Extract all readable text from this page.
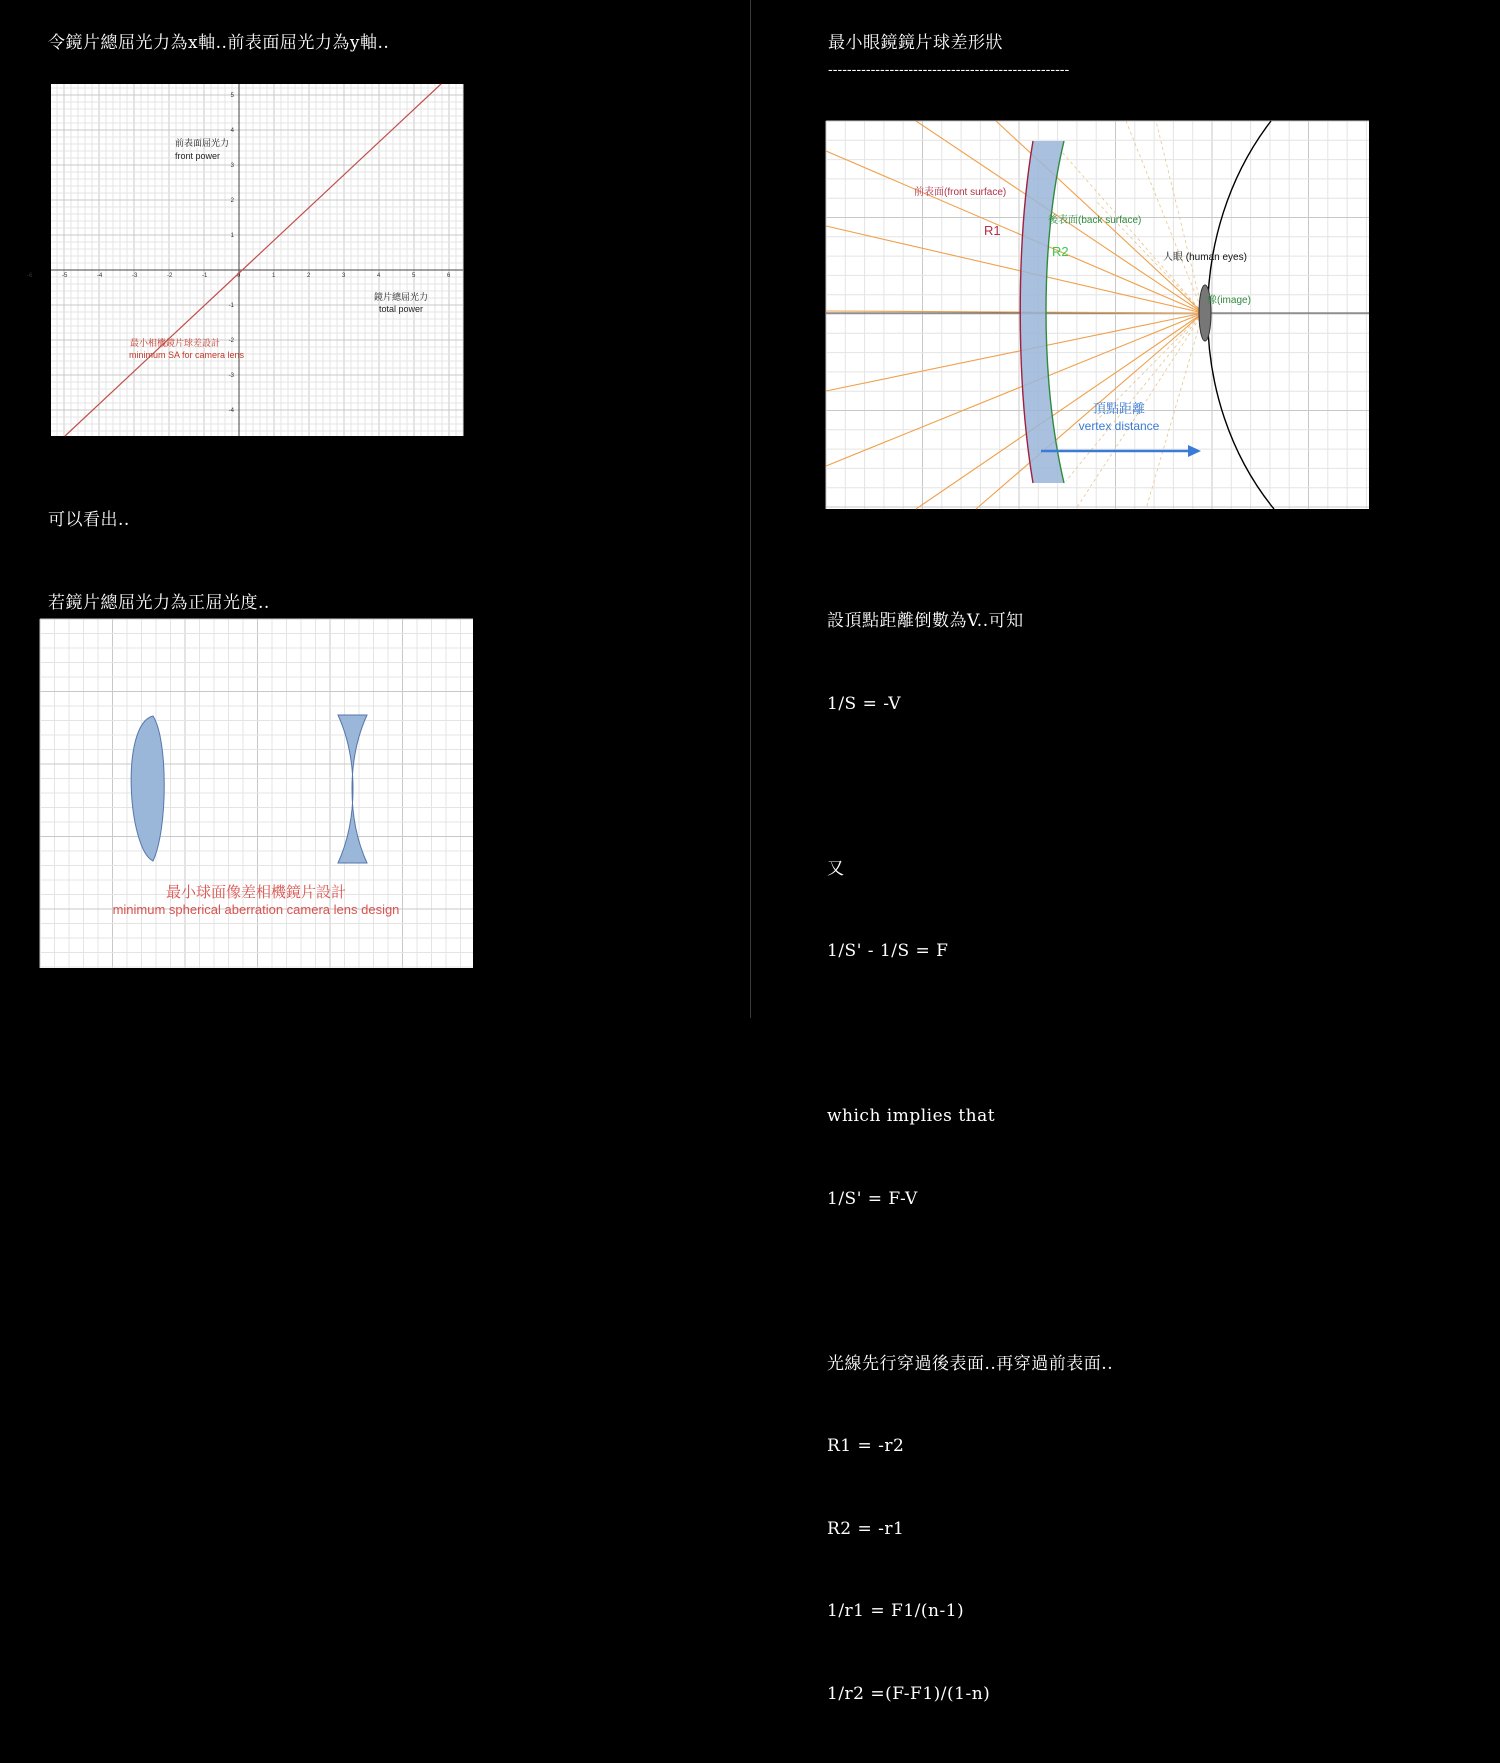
令鏡片總屈光力為x軸..前表面屈光力為y軸..
-6	-5	-4	-3	-2	-1	0	1	2	3	4	5	6
5
4
3
2
1
-1
-2
-3
-4
前表面屈光力
front power
鏡片總屈光力
total power
最小相機鏡片球差設計
minimum SA for camera lens

可以看出..

若鏡片總屈光力為正屈光度..

最小球面像差相機鏡片設計
minimum spherical aberration camera lens design
最小眼鏡鏡片球差形狀
---------------------------------------------------
前表面(front surface)
後表面(back surface)
R1
R2	人眼 (human eyes)
像(image)
頂點距離
vertex distance

設頂點距離倒數為V..可知

1/S = -V

又

1/S' - 1/S = F

which implies that

1/S' = F-V

光線先行穿過後表面..再穿過前表面..

R1 = -r2

R2 = -r1

1/r1 = F1/(n-1)

1/r2 =(F-F1)/(1-n)
